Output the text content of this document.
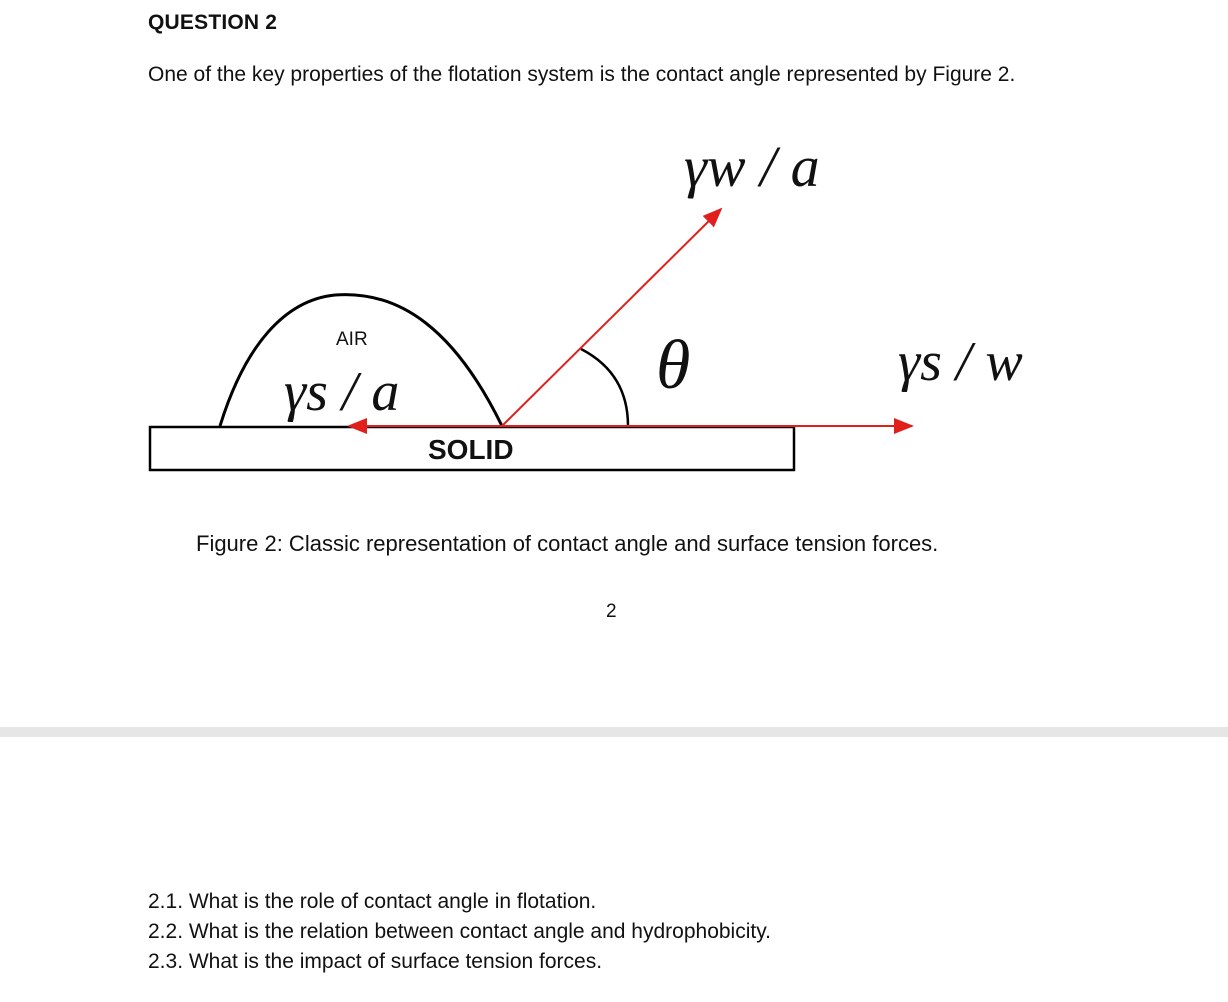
QUESTION 2
One of the key properties of the flotation system is the contact angle represented by Figure 2.
AIR
SOLID
γw / a
γs / a	γs / w
θ
Figure 2: Classic representation of contact angle and surface tension forces.
2
2.1. What is the role of contact angle in flotation.
2.2. What is the relation between contact angle and hydrophobicity.
2.3. What is the impact of surface tension forces.
